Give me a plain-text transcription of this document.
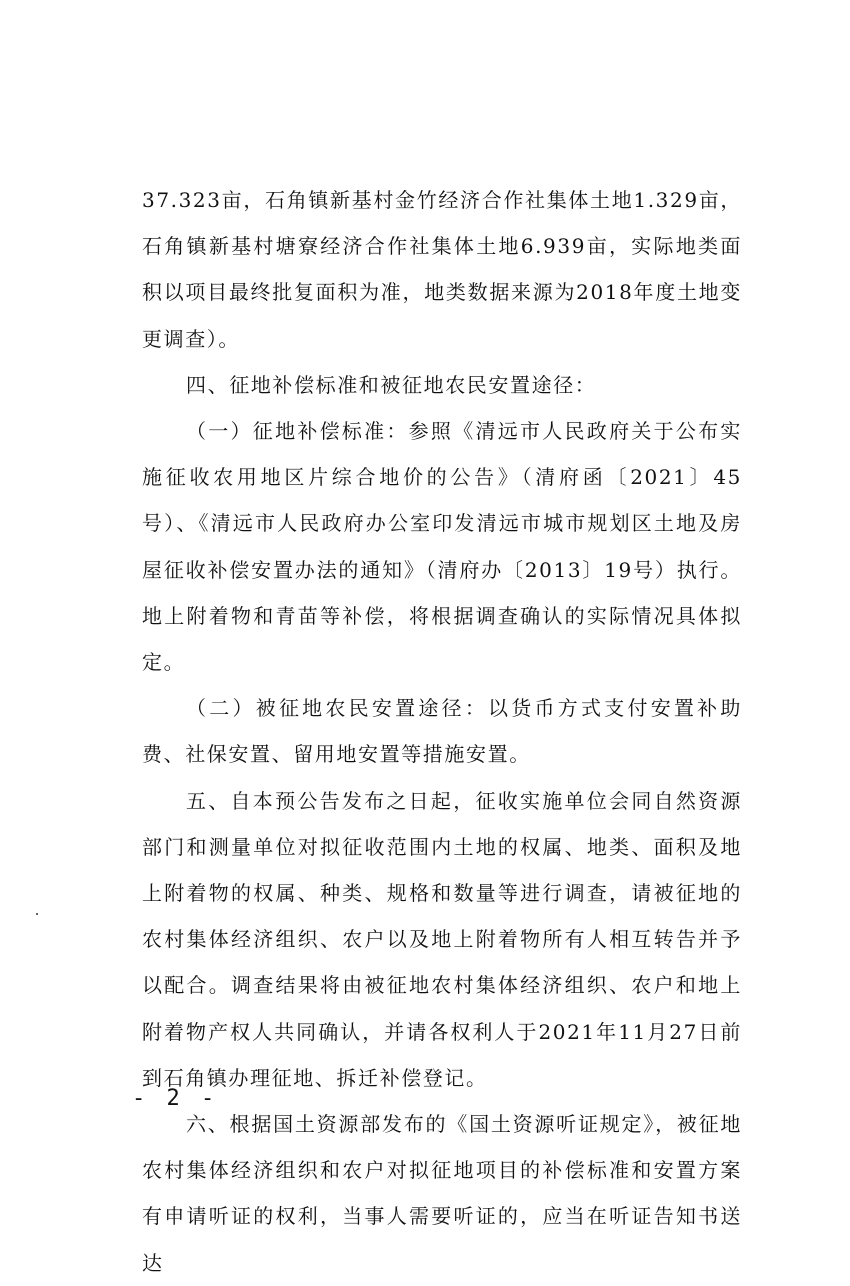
37.323亩，石角镇新基村金竹经济合作社集体土地1.329亩，石角镇新基村塘寮经济合作社集体土地6.939亩，实际地类面积以项目最终批复面积为准，地类数据来源为2018年度土地变更调查）。

四、征地补偿标准和被征地农民安置途径：

（一）征地补偿标准：参照《清远市人民政府关于公布实施征收农用地区片综合地价的公告》（清府函〔2021〕45号）、《清远市人民政府办公室印发清远市城市规划区土地及房屋征收补偿安置办法的通知》（清府办〔2013〕19号）执行。地上附着物和青苗等补偿，将根据调查确认的实际情况具体拟定。

（二）被征地农民安置途径：以货币方式支付安置补助费、社保安置、留用地安置等措施安置。

五、自本预公告发布之日起，征收实施单位会同自然资源部门和测量单位对拟征收范围内土地的权属、地类、面积及地上附着物的权属、种类、规格和数量等进行调查，请被征地的农村集体经济组织、农户以及地上附着物所有人相互转告并予以配合。调查结果将由被征地农村集体经济组织、农户和地上附着物产权人共同确认，并请各权利人于2021年11月27日前到石角镇办理征地、拆迁补偿登记。

六、根据国土资源部发布的《国土资源听证规定》，被征地农村集体经济组织和农户对拟征地项目的补偿标准和安置方案有申请听证的权利，当事人需要听证的，应当在听证告知书送达

- 2 -
